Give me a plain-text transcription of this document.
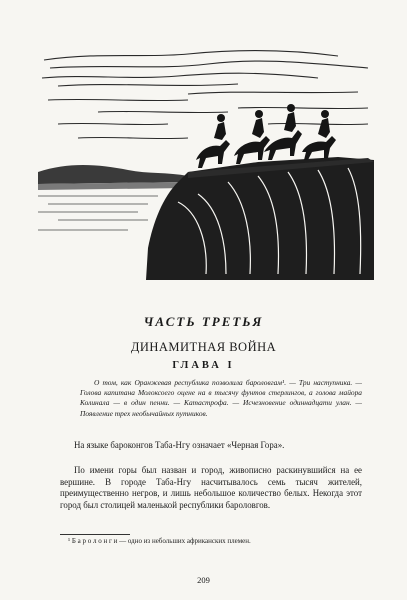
ЧАСТЬ ТРЕТЬЯ
ДИНАМИТНАЯ ВОЙНА
ГЛАВА I

О том, как Оранжевая республика позволила бароловгам¹. — Три наступника. — Голова капитана Молоксоего оцене на в тысячу фунтов стерлингов, а голова майора Колинала — в один пенни. — Катастрофа. — Исчезновение одиннадцати улан. — Появление трех необычайных путников.

На языке бароконгов Таба-Нгу означает «Черная Гора».

По имени горы был назван и город, живописно раскинувшийся на ее вершине. В городе Таба-Нгу насчитывалось семь тысяч жителей, преимущественно негров, и лишь небольшое количество белых. Некогда этот город был столицей маленькой республики бароловгов.

¹ Б а р о л о н г и — одно из небольших африканских племен.

209
